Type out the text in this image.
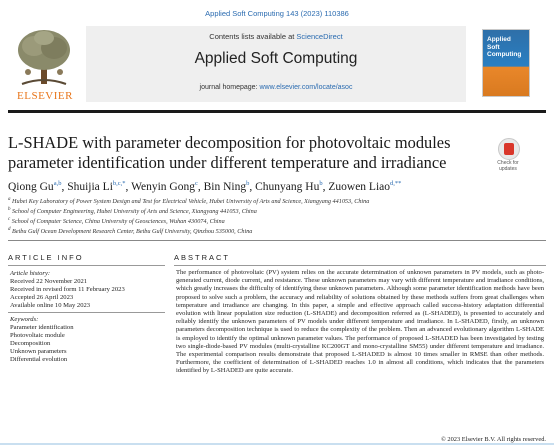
Applied Soft Computing 143 (2023) 110386
ELSEVIER
Contents lists available at ScienceDirect
Applied Soft Computing
journal homepage: www.elsevier.com/locate/asoc
Applied
Soft
Computing
L-SHADE with parameter decomposition for photovoltaic modules
parameter identification under different temperature and irradiance	Check for
updates
Qiong Gu$^{a,b}$, Shuijia $Li^{b,c,*}$, Wenyin Gong$^c$, Bin Ning$^b$, Chunyang Hu$^b$, Zuowen Liao$^{d,**}$
$^a$ Hubei Key Laboratory of Power System Design and Test for Electrical Vehicle, Hubei University of Arts and Science, Xiangyang 441053, China
$^b$ School of Computer Engineering, Hubei University of Arts and Science, Xiangyang 441053, China
$^c$ School of Computer Science, China University of Geosciences, Wuhan 430074, China
$^d$ Beibu Gulf Ocean Development Research Center, Beibu Gulf University, Qinzhou 535000, China
ARTICLE INFO	ABSTRACT
Article history:
Received 22 November 2021
Received in revised form 11 February 2023
Accepted 26 April 2023
Available online 10 May 2023
Keywords:
Parameter identification
Photovoltaic module
Decomposition
Unknown parameters
Differential evolution
The performance of photovoltaic (PV) system relies on the accurate determination of unknown parameters in PV models, such as photo-generated current, diode current, and resistance. These unknown parameters may vary with different temperature and irradiance conditions, which greatly increases the difficulty of identifying these unknown parameters. Although some parameter identification methods have been proposed to solve such a problem, the accuracy and reliability of solutions obtained by these methods suffers from great challenges when temperature and irradiance are changing. In this paper, a simple and effective approach called success-history adaptation differential evolution with linear population size reduction (L-SHADE) and decomposition referred as (L-SHADED), is presented to accurately and reliably identify the unknown parameters of PV models under different temperature and irradiance. In L-SHADED, firstly, an unknown parameters decomposition technique is used to reduce the complexity of the problem. Then an advanced evolutionary algorithm L-SHADE is employed to identify the optimal unknown parameter values. The performance of proposed L-SHADED has been investigated by testing two single-diode-based PV modules (multi-crystalline KC200GT and mono-crystalline SM55) under different temperature and irradiance. The experimental comparison results demonstrate that proposed L-SHADED is almost 10 times smaller in RMSE than other methods. Furthermore, the coefficient of determination of L-SHADED reaches 1.0 in almost all conditions, which indicates that the parameters identified by L-SHADED are quite accurate.
© 2023 Elsevier B.V. All rights reserved.
